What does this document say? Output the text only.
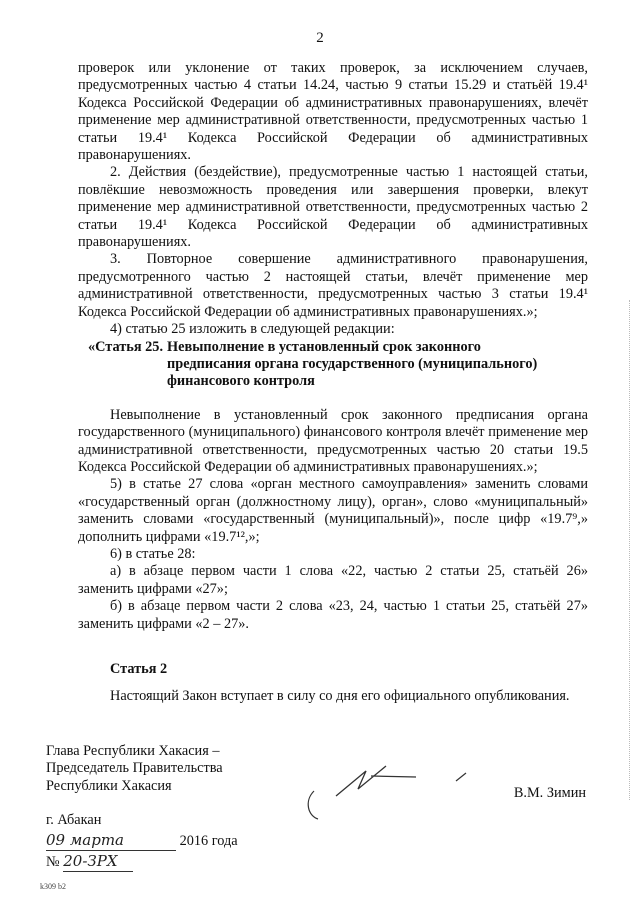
2

проверок или уклонение от таких проверок, за исключением случаев, предусмотренных частью 4 статьи 14.24, частью 9 статьи 15.29 и статьёй 19.4¹ Кодекса Российской Федерации об административных правонарушениях, влечёт применение мер административной ответственности, предусмотренных частью 1 статьи 19.4¹ Кодекса Российской Федерации об административных правонарушениях.

2. Действия (бездействие), предусмотренные частью 1 настоящей статьи, повлёкшие невозможность проведения или завершения проверки, влекут применение мер административной ответственности, предусмотренных частью 2 статьи 19.4¹ Кодекса Российской Федерации об административных правонарушениях.

3. Повторное совершение административного правонарушения, предусмотренного частью 2 настоящей статьи, влечёт применение мер административной ответственности, предусмотренных частью 3 статьи 19.4¹ Кодекса Российской Федерации об административных правонарушениях.»;

4) статью 25 изложить в следующей редакции:

«Статья 25. Невыполнение в установленный срок законного
предписания органа государственного (муниципального)
финансового контроля

Невыполнение в установленный срок законного предписания органа государственного (муниципального) финансового контроля влечёт применение мер административной ответственности, предусмотренных частью 20 статьи 19.5 Кодекса Российской Федерации об административных правонарушениях.»;

5) в статье 27 слова «орган местного самоуправления» заменить словами «государственный орган (должностному лицу), орган», слово «муниципальный» заменить словами «государственный (муниципальный)», после цифр «19.7⁹,» дополнить цифрами «19.7¹²,»;

6) в статье 28:

а) в абзаце первом части 1 слова «22, частью 2 статьи 25, статьёй 26» заменить цифрами «27»;

б) в абзаце первом части 2 слова «23, 24, частью 1 статьи 25, статьёй 27» заменить цифрами «2 – 27».

Статья 2

Настоящий Закон вступает в силу со дня его официального опубликования.

Глава Республики Хакасия –
Председатель Правительства
Республики Хакасия	В.М. Зимин
г. Абакан
09 марта	2016 года
№ 20-ЗРХ
k309 b2
